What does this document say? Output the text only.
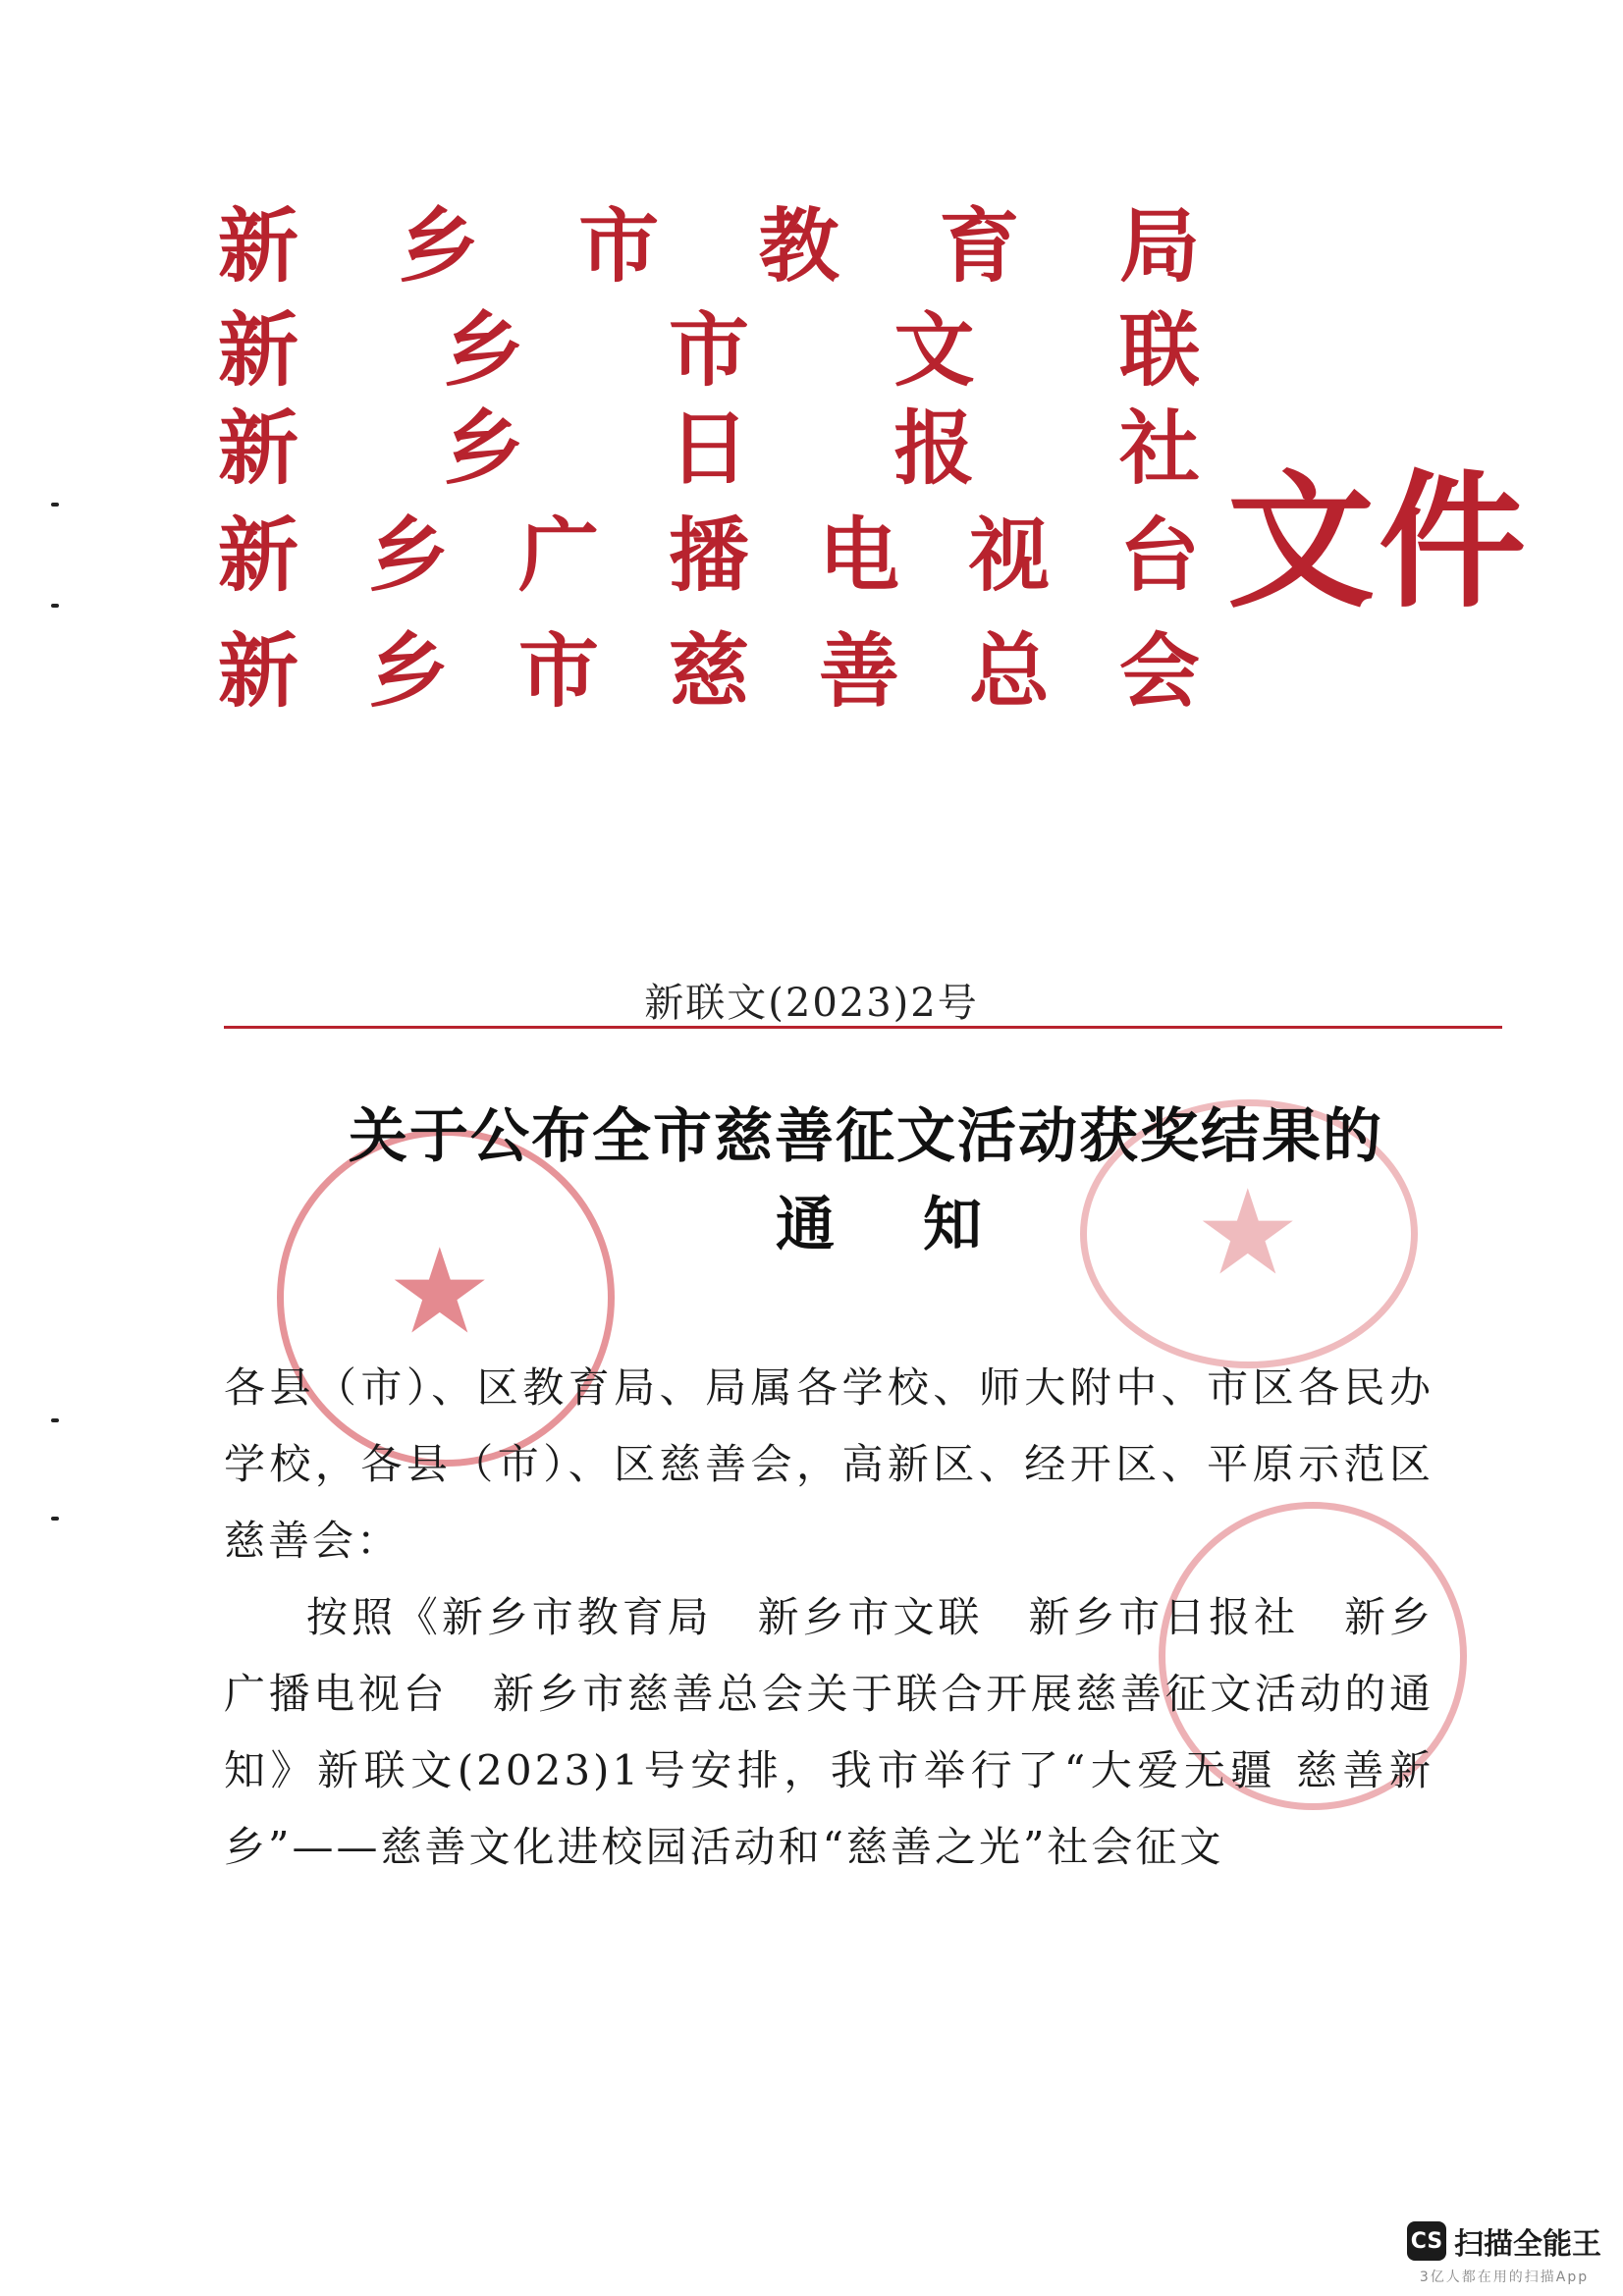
★	★
新 乡 市 教 育 局
新 乡 市 文 联
新 乡 日 报 社
新 乡 广 播 电 视 台
新 乡 市 慈 善 总 会
文件
新联文(2023)2号
关于公布全市慈善征文活动获奖结果的
通知

各县（市）、区教育局、局属各学校、师大附中、市区各民办学校，各县（市）、区慈善会，高新区、经开区、平原示范区慈善会：

按照《新乡市教育局　新乡市文联　新乡市日报社　新乡广播电视台　新乡市慈善总会关于联合开展慈善征文活动的通知》新联文(2023)1号安排，我市举行了“大爱无疆 慈善新乡”——慈善文化进校园活动和“慈善之光”社会征文

CS 扫描全能王
3亿人都在用的扫描App
